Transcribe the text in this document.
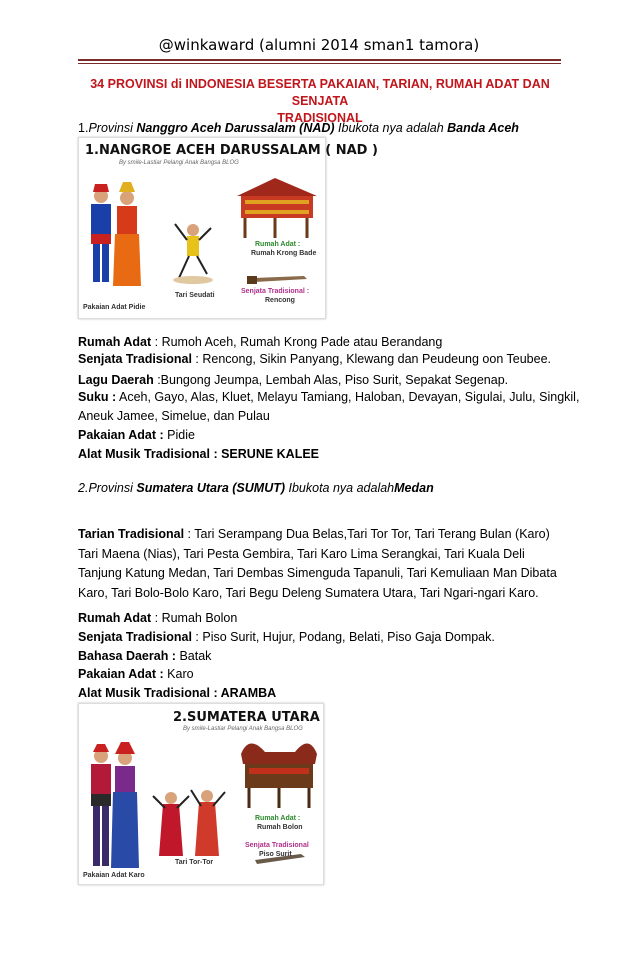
@winkaward (alumni 2014 sman1 tamora)
34 PROVINSI di INDONESIA BESERTA PAKAIAN, TARIAN, RUMAH ADAT DAN SENJATA
TRADISIONAL
1.Provinsi Nanggro Aceh Darussalam (NAD) Ibukota nya adalah Banda Aceh
1.NANGROE ACEH DARUSSALAM ( NAD )
By smile-Lastiar Pelangi Anak Bangsa BLOG
Pakaian Adat Pidie
Tari Seudati
Rumah Adat :
Rumah Krong Bade
Senjata Tradisional :
Rencong
Rumah Adat : Rumoh Aceh, Rumah Krong Pade atau Berandang
Senjata Tradisional : Rencong, Sikin Panyang, Klewang dan Peudeung oon Teubee.
Lagu Daerah :Bungong Jeumpa, Lembah Alas, Piso Surit, Sepakat Segenap.
Suku : Aceh, Gayo, Alas, Kluet, Melayu Tamiang, Haloban, Devayan, Sigulai, Julu, Singkil,
Aneuk Jamee, Simelue, dan Pulau
Pakaian Adat : Pidie
Alat Musik Tradisional : SERUNE KALEE
2.Provinsi Sumatera Utara (SUMUT) Ibukota nya adalahMedan
Tarian Tradisional : Tari Serampang Dua Belas,Tari Tor Tor, Tari Terang Bulan (Karo) Tari Maena (Nias), Tari Pesta Gembira, Tari Karo Lima Serangkai, Tari Kuala Deli Tanjung Katung Medan, Tari Dembas Simenguda Tapanuli, Tari Kemuliaan Man Dibata Karo, Tari Bolo-Bolo Karo, Tari Begu Deleng Sumatera Utara, Tari Ngari-ngari Karo.
Rumah Adat : Rumah Bolon
Senjata Tradisional : Piso Surit, Hujur, Podang, Belati, Piso Gaja Dompak.
Bahasa Daerah : Batak
Pakaian Adat : Karo
Alat Musik Tradisional : ARAMBA
2.SUMATERA UTARA
By smile-Lastiar Pelangi Anak Bangsa BLOG
Pakaian Adat Karo
Tari Tor-Tor
Rumah Adat :
Rumah Bolon
Senjata Tradisional
Piso Surit
